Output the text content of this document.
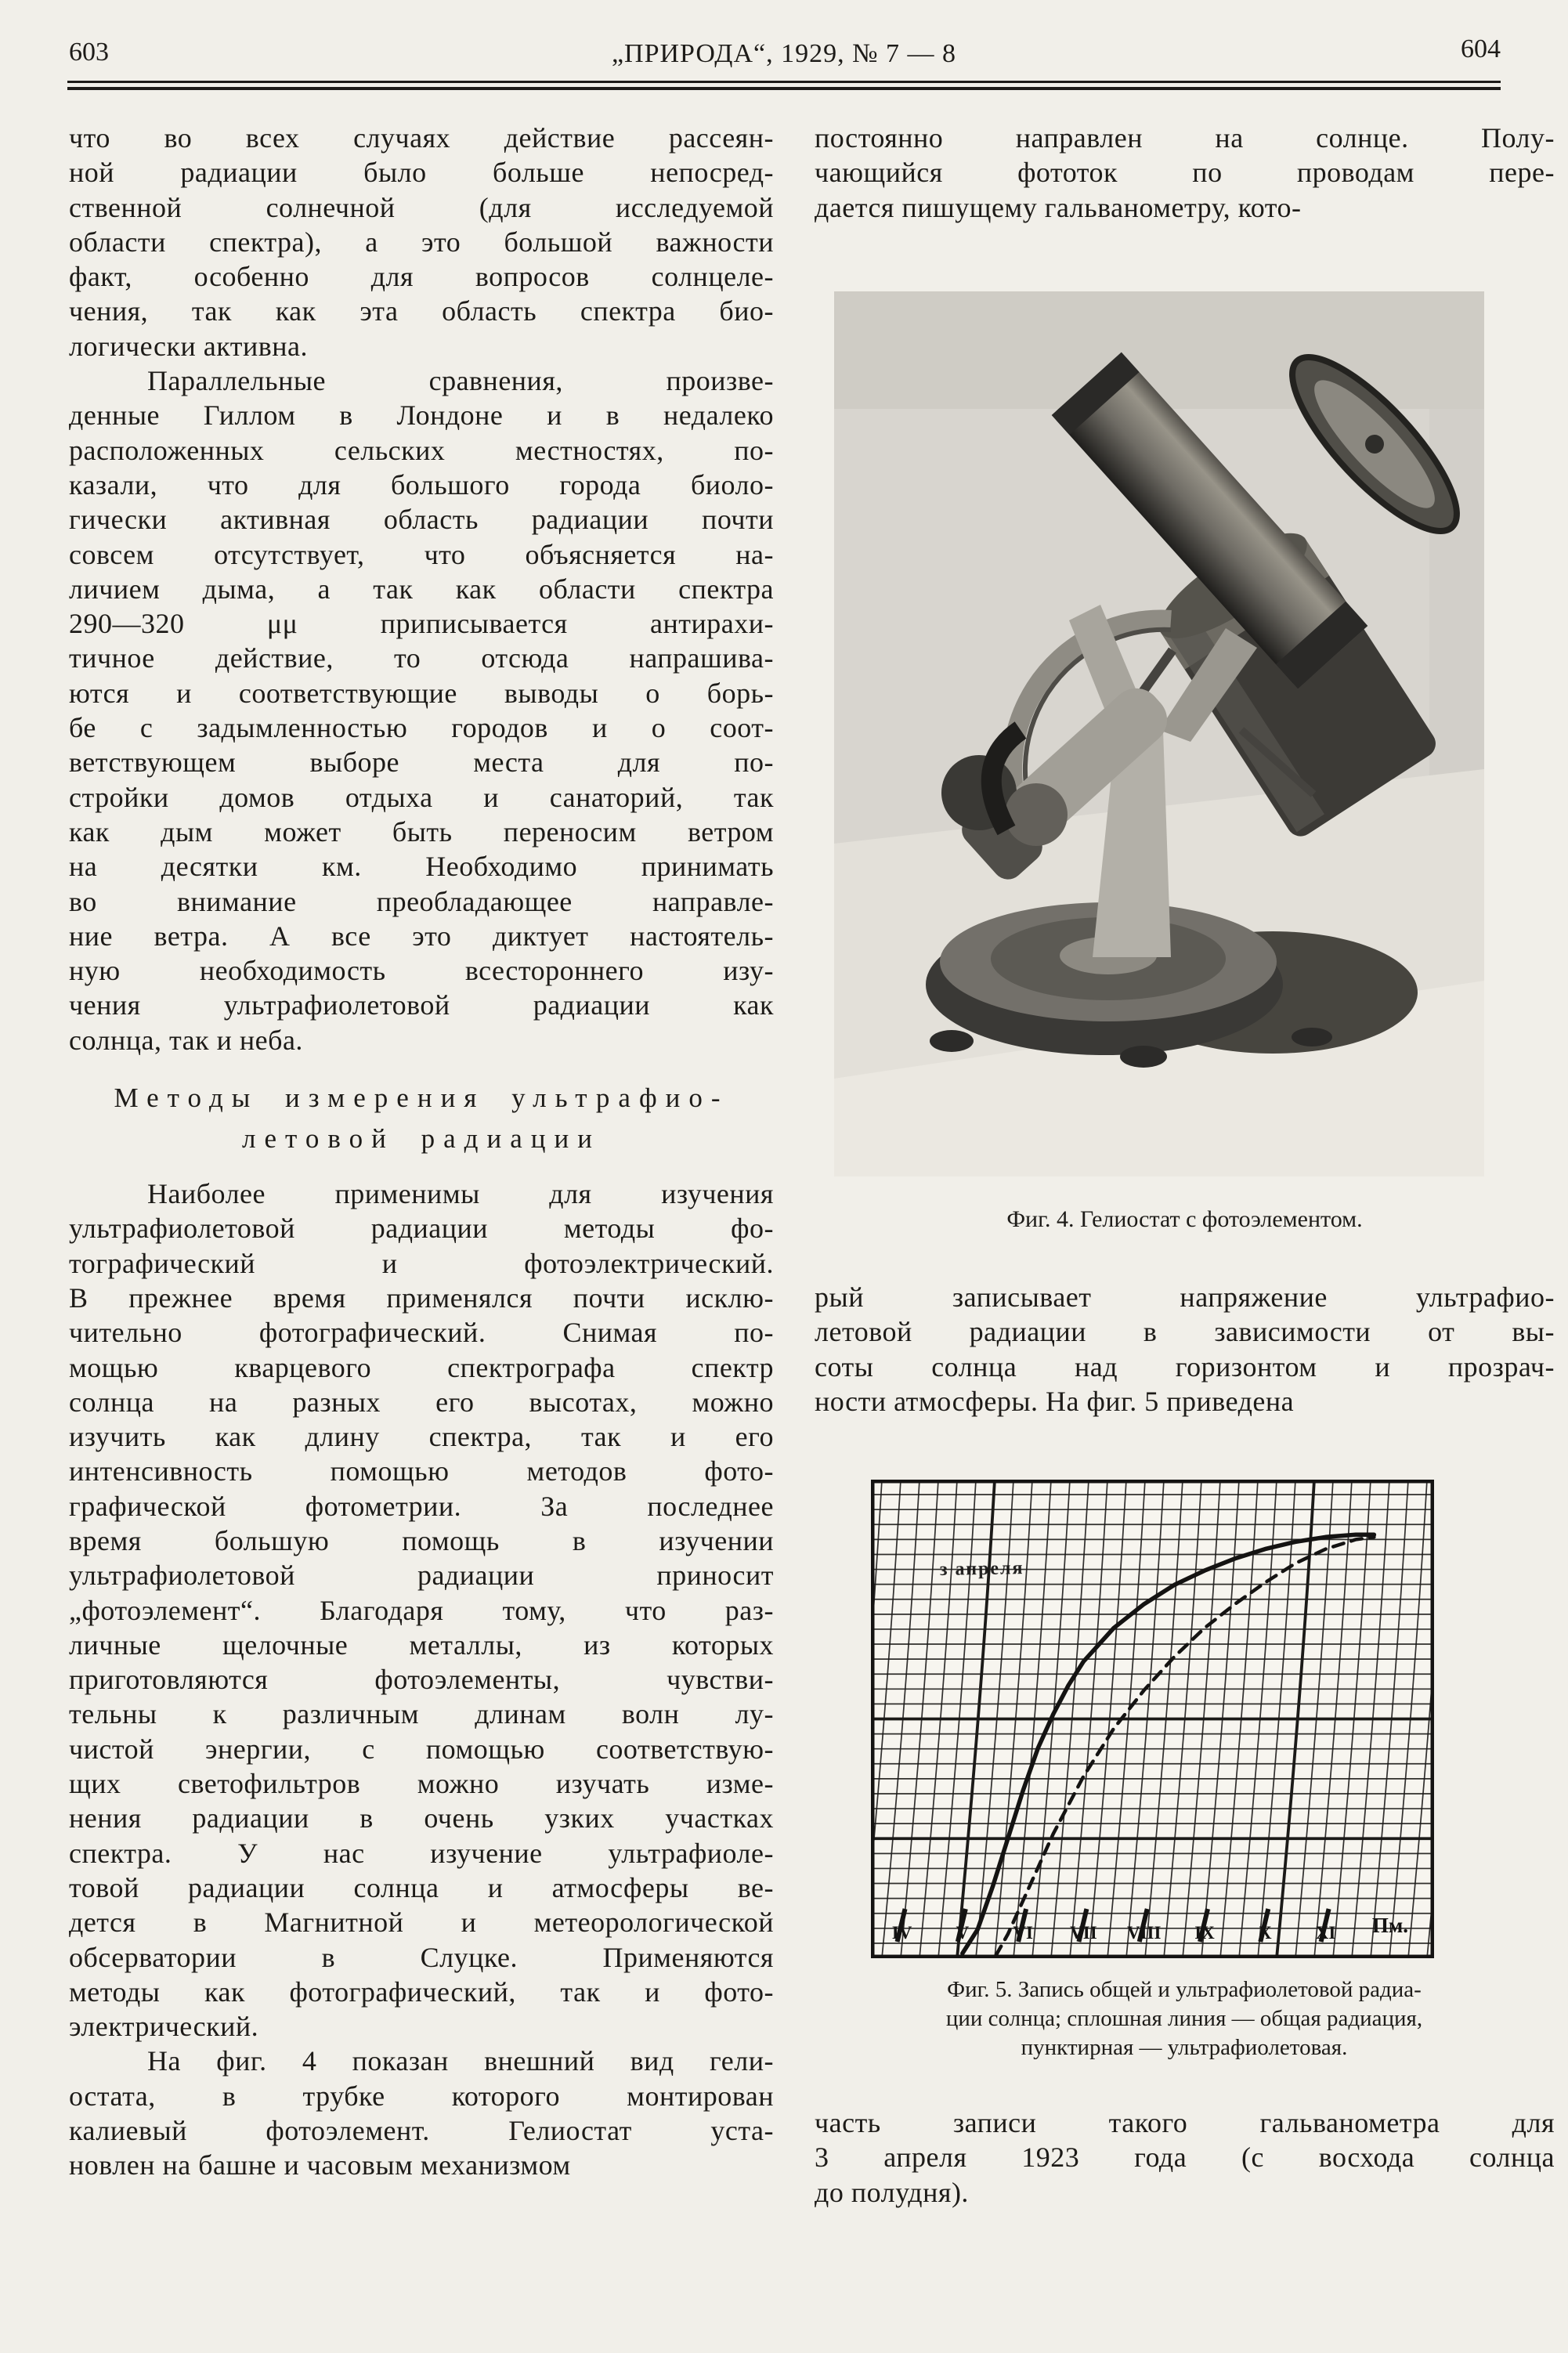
603	„ПРИРОДА“, 1929, № 7 — 8	604
что во всех случаях действие рассеян-
ной радиации было больше непосред-
ственной солнечной (для исследуемой
области спектра), а это большой важности
факт, особенно для вопросов солнцеле-
чения, так как эта область спектра био-
логически активна.
Параллельные сравнения, произве-
денные Гиллом в Лондоне и в недалеко
расположенных сельских местностях, по-
казали, что для большого города биоло-
гически активная область радиации почти
совсем отсутствует, что объясняется на-
личием дыма, а так как области спектра
290—320 μμ приписывается антирахи-
тичное действие, то отсюда напрашива-
ются и соответствующие выводы о борь-
бе с задымленностью городов и о соот-
ветствующем выборе места для по-
стройки домов отдыха и санаторий, так
как дым может быть переносим ветром
на десятки км. Необходимо принимать
во внимание преобладающее направле-
ние ветра. А все это диктует настоятель-
ную необходимость всестороннего изу-
чения ультрафиолетовой радиации как
солнца, так и неба.
Методы измерения ультрафио-
летовой радиации
Наиболее применимы для изучения
ультрафиолетовой радиации методы фо-
тографический и фотоэлектрический.
В прежнее время применялся почти исклю-
чительно фотографический. Снимая по-
мощью кварцевого спектрографа спектр
солнца на разных его высотах, можно
изучить как длину спектра, так и его
интенсивность помощью методов фото-
графической фотометрии. За последнее
время большую помощь в изучении
ультрафиолетовой радиации приносит
„фотоэлемент“. Благодаря тому, что раз-
личные щелочные металлы, из которых
приготовляются фотоэлементы, чувстви-
тельны к различным длинам волн лу-
чистой энергии, с помощью соответствую-
щих светофильтров можно изучать изме-
нения радиации в очень узких участках
спектра. У нас изучение ультрафиоле-
товой радиации солнца и атмосферы ве-
дется в Магнитной и метеорологической
обсерватории в Слуцке. Применяются
методы как фотографический, так и фото-
электрический.
На фиг. 4 показан внешний вид гели-
остата, в трубке которого монтирован
калиевый фотоэлемент. Гелиостат уста-
новлен на башне и часовым механизмом
постоянно направлен на солнце. Полу-
чающийся фототок по проводам пере-
дается пишущему гальванометру, кото-
Фиг. 4. Гелиостат с фотоэлементом.
рый записывает напряжение ультрафио-
летовой радиации в зависимости от вы-
соты солнца над горизонтом и прозрач-
ности атмосферы. На фиг. 5 приведена
IV V VI VII VIII IX X XI Пм.
з апреля
Фиг. 5. Запись общей и ультрафиолетовой радиа-
ции солнца; сплошная линия — общая радиация,
пунктирная — ультрафиолетовая.
часть записи такого гальванометра для
3 апреля 1923 года (с восхода солнца
до полудня).
